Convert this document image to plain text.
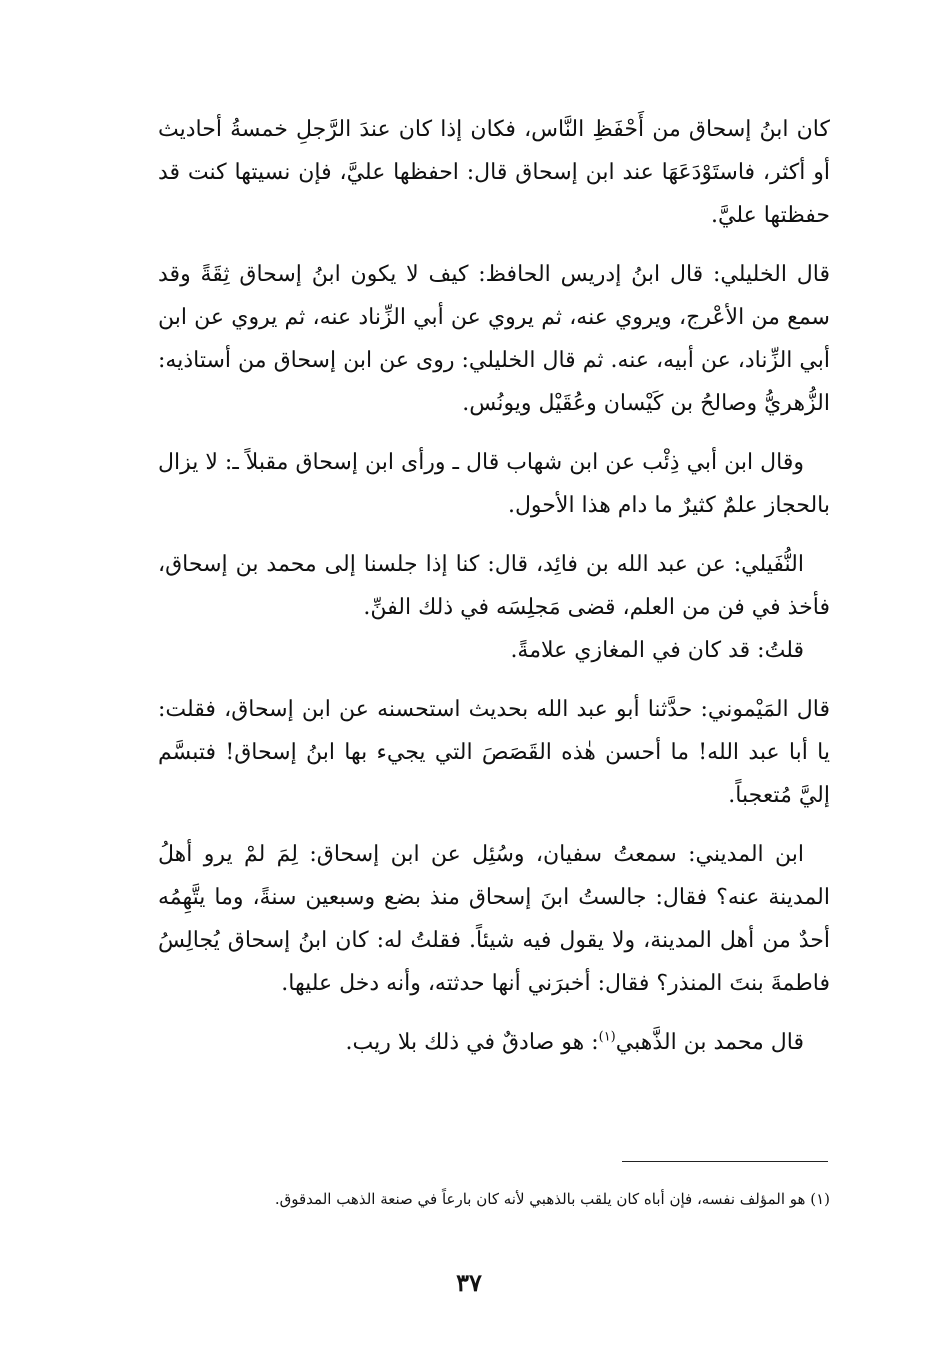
كان ابنُ إسحاق من أَحْفَظِ النَّاس، فكان إذا كان عندَ الرَّجلِ خمسةُ أحاديث أو أكثر، فاستَوْدَعَهَا عند ابن إسحاق قال: احفظها عليَّ، فإن نسيتها كنت قد حفظتها عليَّ.

قال الخليلي: قال ابنُ إدريس الحافظ: كيف لا يكون ابنُ إسحاق ثِقَةً وقد سمع من الأعْرج، ويروي عنه، ثم يروي عن أبي الزِّناد عنه، ثم يروي عن ابن أبي الزِّناد، عن أبيه، عنه. ثم قال الخليلي: روى عن ابن إسحاق من أستاذيه: الزُّهريُّ وصالحُ بن كَيْسان وعُقَيْل ويونُس.

وقال ابن أبي ذِئْب عن ابن شهاب قال ـ ورأى ابن إسحاق مقبلاً ـ: لا يزال بالحجاز علمٌ كثيرٌ ما دام هذا الأحول.

النُّفَيلي: عن عبد الله بن فائِد، قال: كنا إذا جلسنا إلى محمد بن إسحاق، فأخذ في فن من العلم، قضى مَجلِسَه في ذلك الفنِّ.

قلتُ: قد كان في المغازي علامةً.

قال المَيْموني: حدَّثنا أبو عبد الله بحديث استحسنه عن ابن إسحاق، فقلت: يا أبا عبد الله! ما أحسن هٰذه القَصَصَ التي يجيء بها ابنُ إسحاق! فتبسَّم إليَّ مُتعجباً.

ابن المديني: سمعتُ سفيان، وسُئِل عن ابن إسحاق: لِمَ لمْ يرو أهلُ المدينة عنه؟ فقال: جالستُ ابنَ إسحاق منذ بضع وسبعين سنةً، وما يتَّهِمُه أحدٌ من أهل المدينة، ولا يقول فيه شيئاً. فقلتُ له: كان ابنُ إسحاق يُجالِسُ فاطمةَ بنتَ المنذر؟ فقال: أخبرَني أنها حدثته، وأنه دخل عليها.

قال محمد بن الذَّهبي$^{(١)}$: هو صادقٌ في ذلك بلا ريب.

(١) هو المؤلف نفسه، فإن أباه كان يلقب بالذهبي لأنه كان بارعاً في صنعة الذهب المدقوق.

٣٧
